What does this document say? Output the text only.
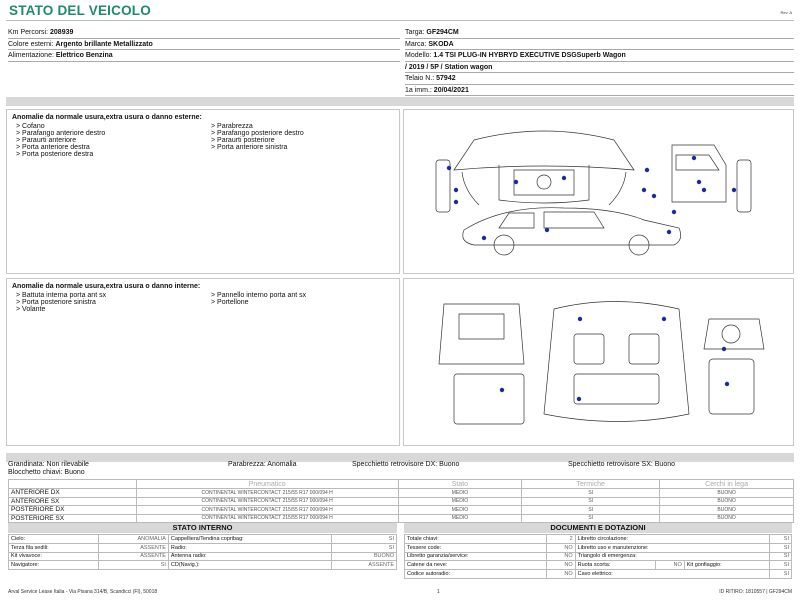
STATO DEL VEICOLO	Rev. A
Km Percorsi: 208939
Colore esterni: Argento brillante Metallizzato
Alimentazione: Elettrico Benzina
Targa: GF294CM
Marca: SKODA
Modello: 1.4 TSI PLUG-IN HYBRYD EXECUTIVE DSGSuperb Wagon
/ 2019 / 5P / Station wagon
Telaio N.: 57942
1a imm.: 20/04/2021
Anomalie da normale usura,extra usura o danno esterne:
> Cofano
> Parafango anteriore destro
> Paraurti anteriore
> Porta anteriore destra
> Porta posteriore destra
> Parabrezza
> Parafango posteriore destro
> Paraurti posteriore
> Porta anteriore sinistra
Anomalie da normale usura,extra usura o danno interne:
> Battuta interna porta ant sx
> Porta posteriore sinistra
> Volante
> Pannello interno porta ant sx
> Portellone
Grandinata: Non rilevabile	Parabrezza: Anomalia	Specchietto retrovisore DX: Buono	Specchietto retrovisore SX: Buono
Blocchetto chiavi: Buono
	Pneumatico	Stato	Termiche	Cerchi in lega
ANTERIORE DX	CONTINENTAL WINTERCONTACT 215/55 R17 000/094 H	MEDIO	SI	BUONO
ANTERIORE SX	CONTINENTAL WINTERCONTACT 215/55 R17 000/094 H	MEDIO	SI	BUONO
POSTERIORE DX	CONTINENTAL WINTERCONTACT 215/55 R17 000/094 H	MEDIO	SI	BUONO
POSTERIORE SX	CONTINENTAL WINTERCONTACT 215/55 R17 000/094 H	MEDIO	SI	BUONO
STATO INTERNO
Cielo:	ANOMALIA	Cappelliera/Tendina copribag:	SI
Terza fila sedili:	ASSENTE	Radio:	SI
Kit vivavoce:	ASSENTE	Antenna radio:	BUONO
Navigatore:	SI	CD(Navig.):	ASSENTE
DOCUMENTI E DOTAZIONI
Totale chiavi:	2	Libretto circolazione:			SI
Tessere code:	NO	Libretto uso e manutenzione:			SI
Libretto garanzia/service:	NO	Triangolo di emergenza:			SI
Catene da neve:	NO	Ruota scorta:	NO	Kit gonfiaggio:	SI
Codice autoradio:	NO	Cavo elettrico:			SI
Arval Service Lease Italia - Via Pisana 314/B, Scandicci (FI), 50018	1	ID RITIRO: 1810557 | GF294CM
